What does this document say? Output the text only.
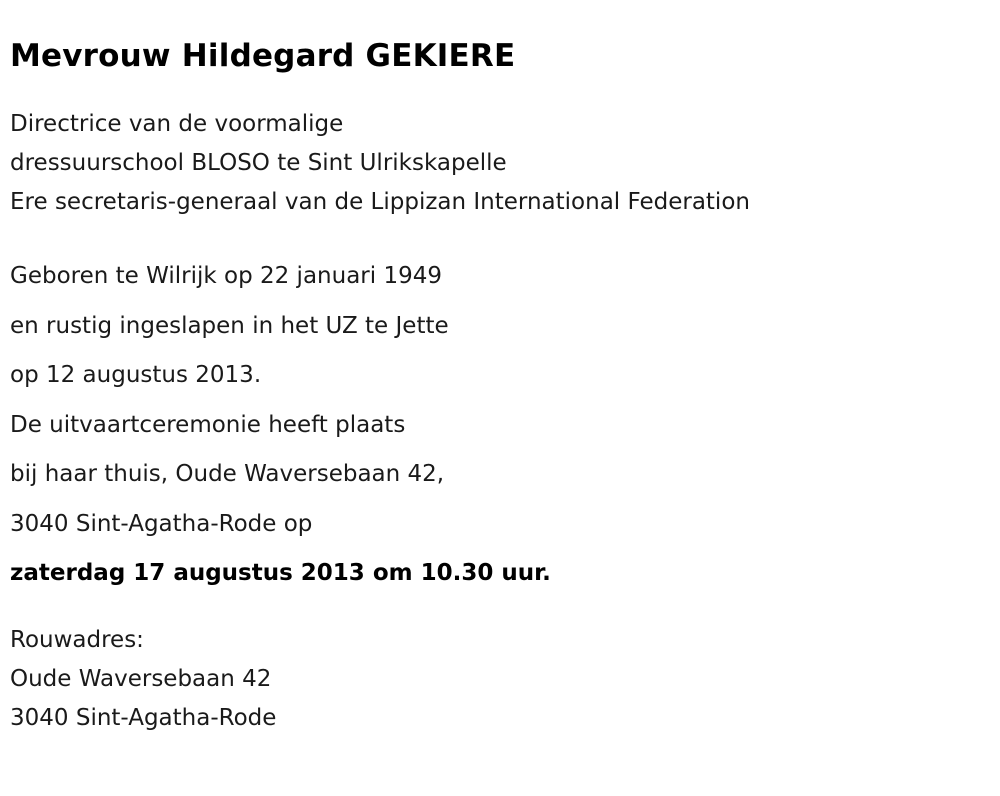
Mevrouw Hildegard GEKIERE

Directrice van de voormalige

dressuurschool BLOSO te Sint Ulrikskapelle

Ere secretaris-generaal van de Lippizan International Federation

Geboren te Wilrijk op 22 januari 1949

en rustig ingeslapen in het UZ te Jette

op 12 augustus 2013.

De uitvaartceremonie heeft plaats

bij haar thuis, Oude Waversebaan 42,

3040 Sint-Agatha-Rode op

zaterdag 17 augustus 2013 om 10.30 uur.

Rouwadres:

Oude Waversebaan 42

3040 Sint-Agatha-Rode
